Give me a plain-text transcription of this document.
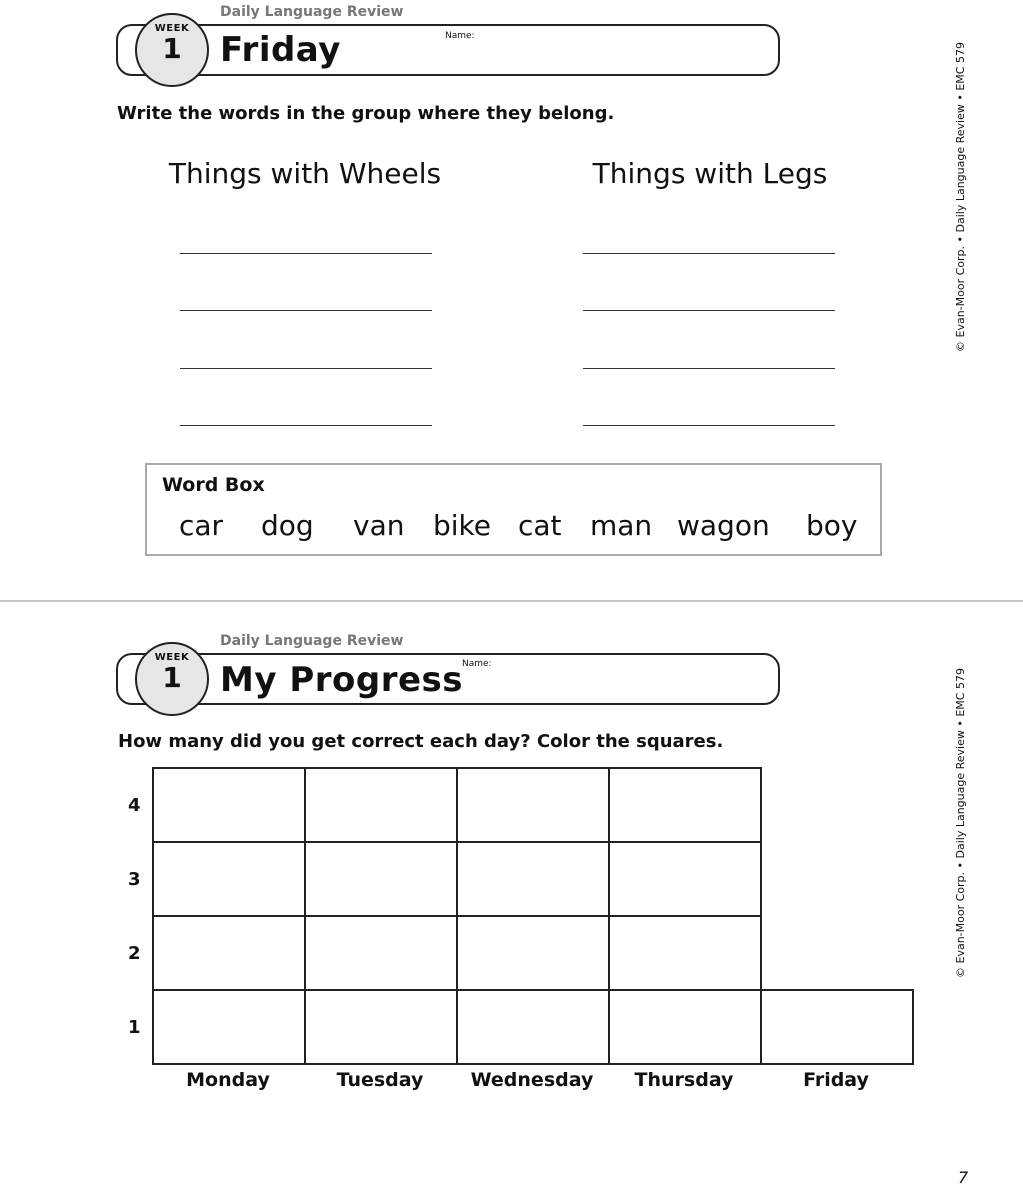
Daily Language Review
WEEK
1 Friday	Name:
Write the words in the group where they belong.
Things with Wheels	Things with Legs
Word Box
car dog van bike cat man wagon boy
© Evan-Moor Corp. • Daily Language Review • EMC 579
Daily Language Review
WEEK
1 My Progress
Name:
How many did you get correct each day? Color the squares.
Monday	Tuesday	Wednesday	Thursday	Friday
4
3
2
1
© Evan-Moor Corp. • Daily Language Review • EMC 579
7
